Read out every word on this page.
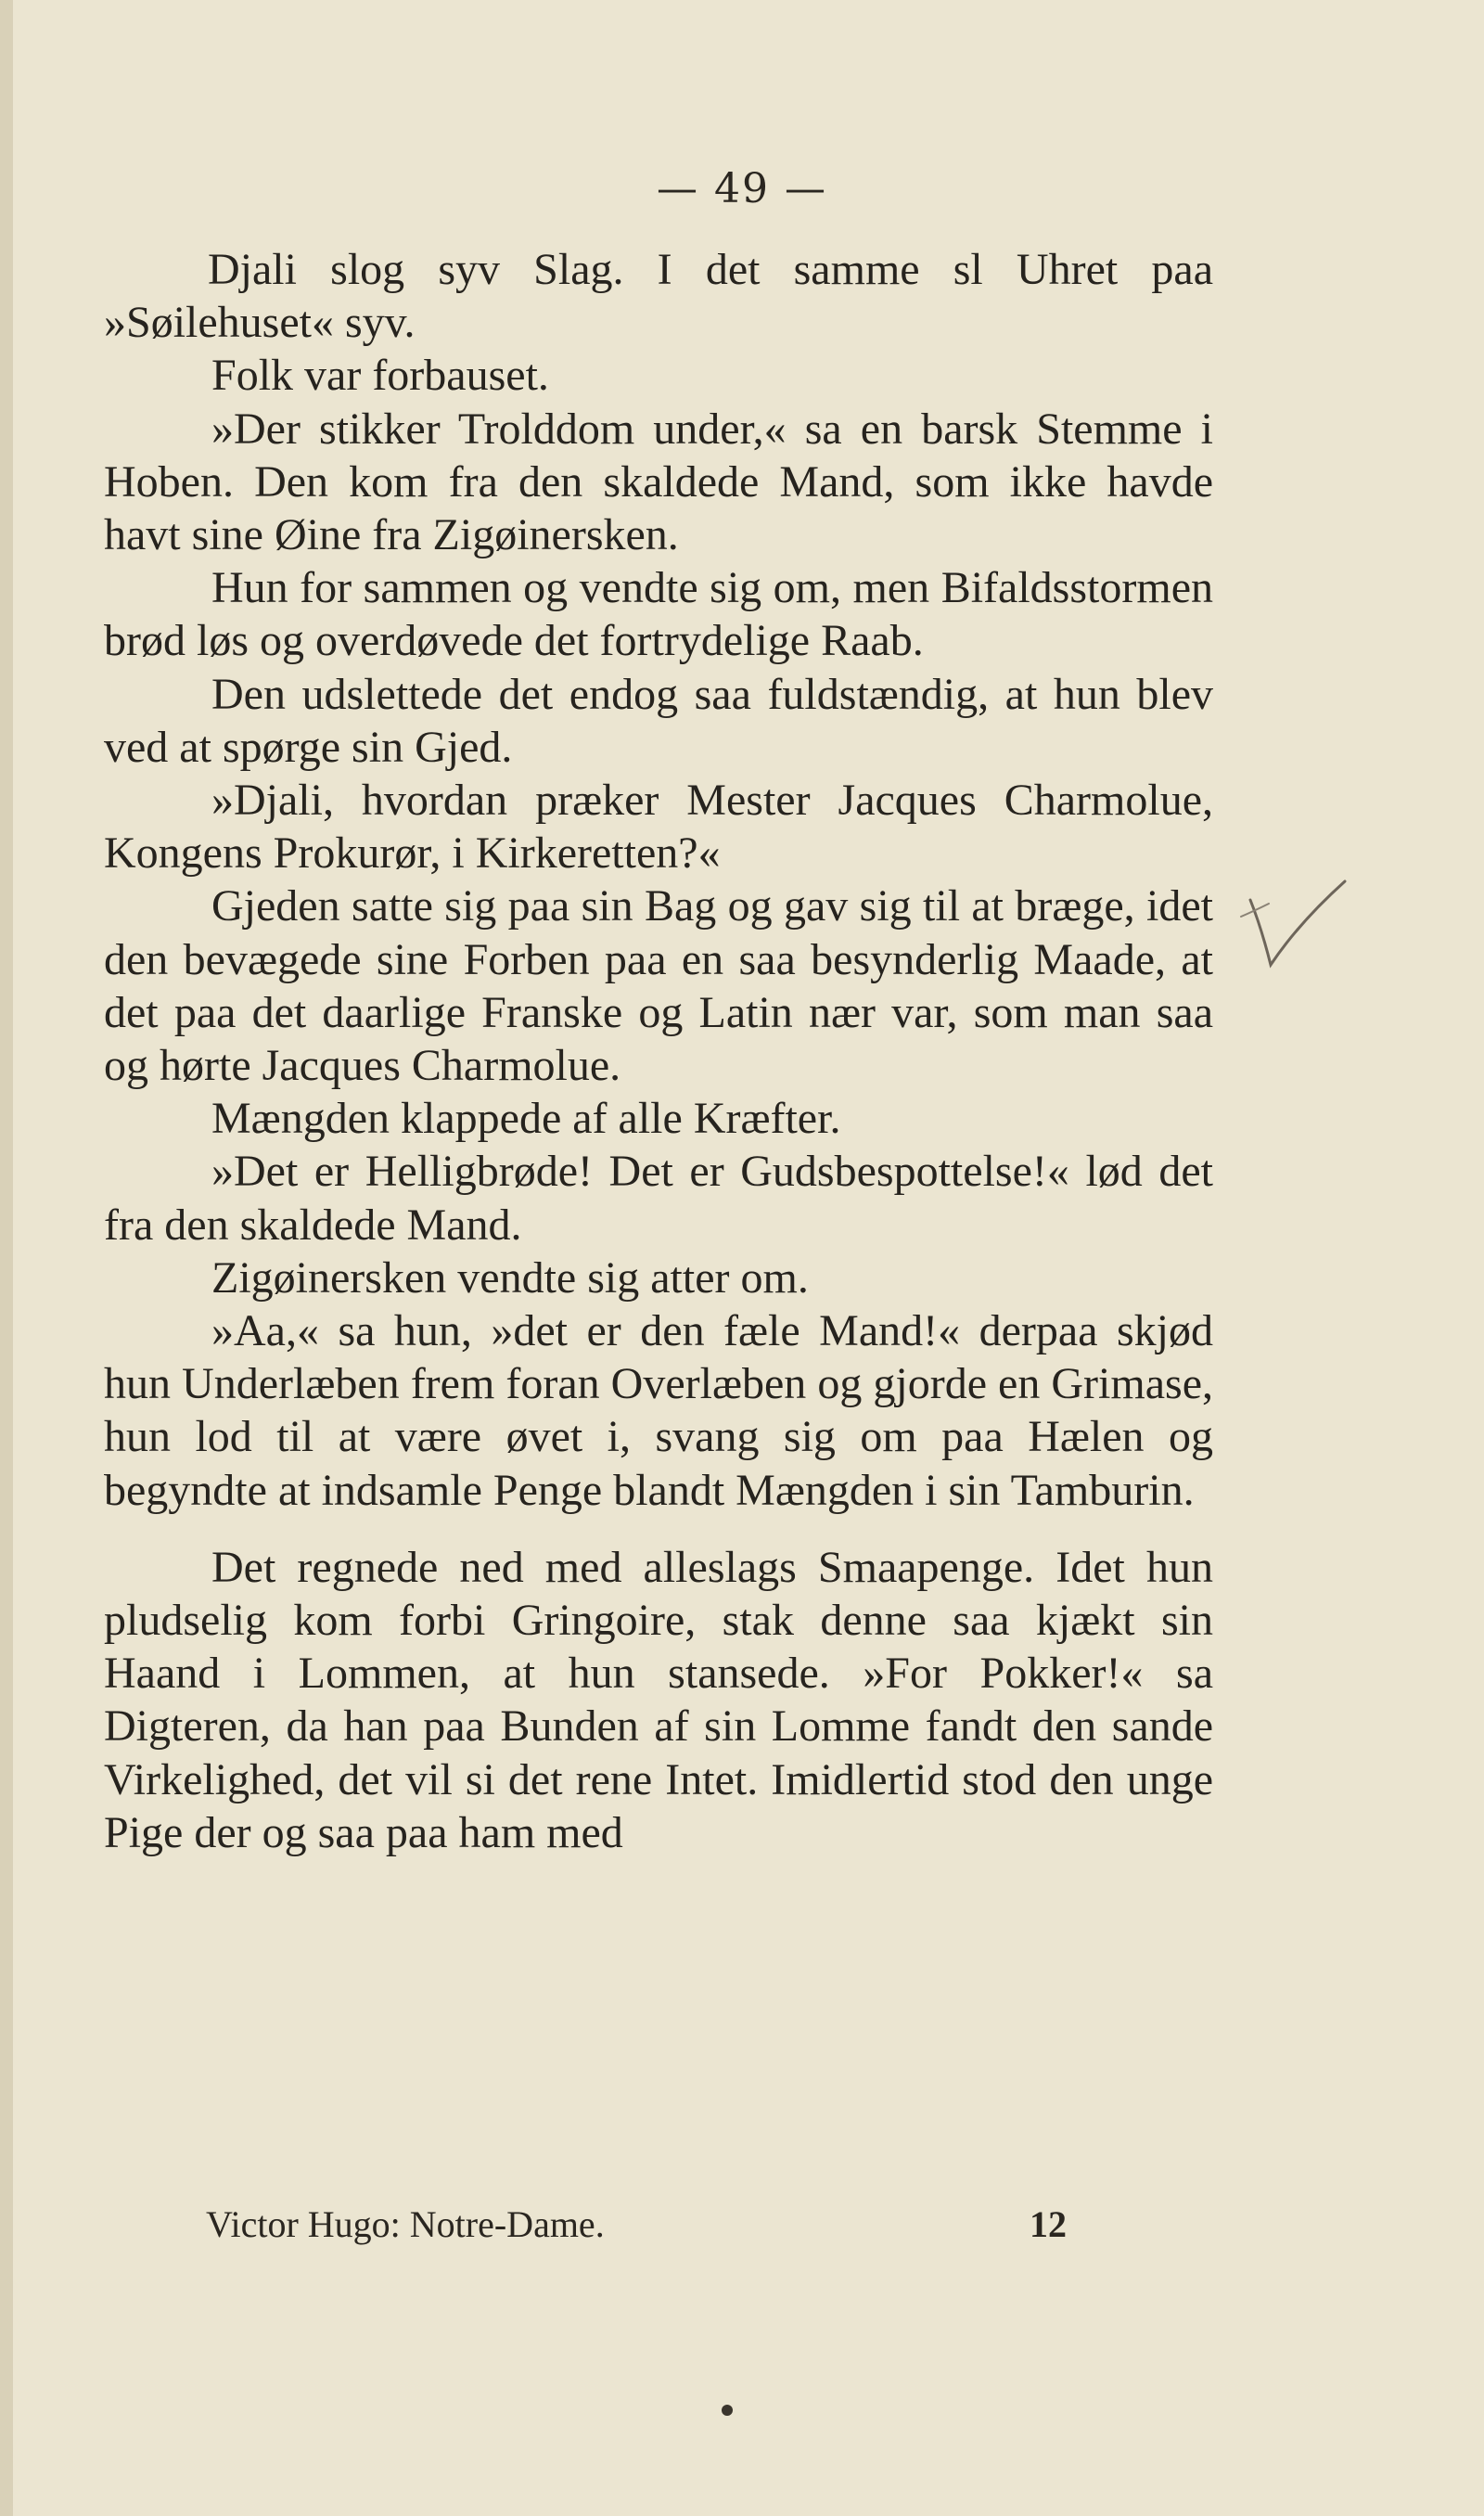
— 49 —

Djali slog syv Slag. I det samme sl Uhret paa »Søilehuset« syv.

Folk var forbauset.

»Der stikker Trolddom under,« sa en barsk Stemme i Hoben. Den kom fra den skaldede Mand, som ikke havde havt sine Øine fra Zigøinersken.

Hun for sammen og vendte sig om, men Bifaldsstormen brød løs og overdøvede det fortrydelige Raab.

Den udslettede det endog saa fuldstændig, at hun blev ved at spørge sin Gjed.

»Djali, hvordan præker Mester Jacques Charmolue, Kongens Prokurør, i Kirkeretten?«

Gjeden satte sig paa sin Bag og gav sig til at bræge, idet den bevægede sine Forben paa en saa besynderlig Maade, at det paa det daarlige Franske og Latin nær var, som man saa og hørte Jacques Charmolue.

Mængden klappede af alle Kræfter.

»Det er Helligbrøde! Det er Gudsbespottelse!« lød det fra den skaldede Mand.

Zigøinersken vendte sig atter om.

»Aa,« sa hun, »det er den fæle Mand!« derpaa skjød hun Underlæben frem foran Overlæben og gjorde en Grimase, hun lod til at være øvet i, svang sig om paa Hælen og begyndte at indsamle Penge blandt Mængden i sin Tamburin.

Det regnede ned med alleslags Smaapenge. Idet hun pludselig kom forbi Gringoire, stak denne saa kjækt sin Haand i Lommen, at hun stansede. »For Pokker!« sa Digteren, da han paa Bunden af sin Lomme fandt den sande Virkelighed, det vil si det rene Intet. Imidlertid stod den unge Pige der og saa paa ham med

Victor Hugo: Notre-Dame.	12
